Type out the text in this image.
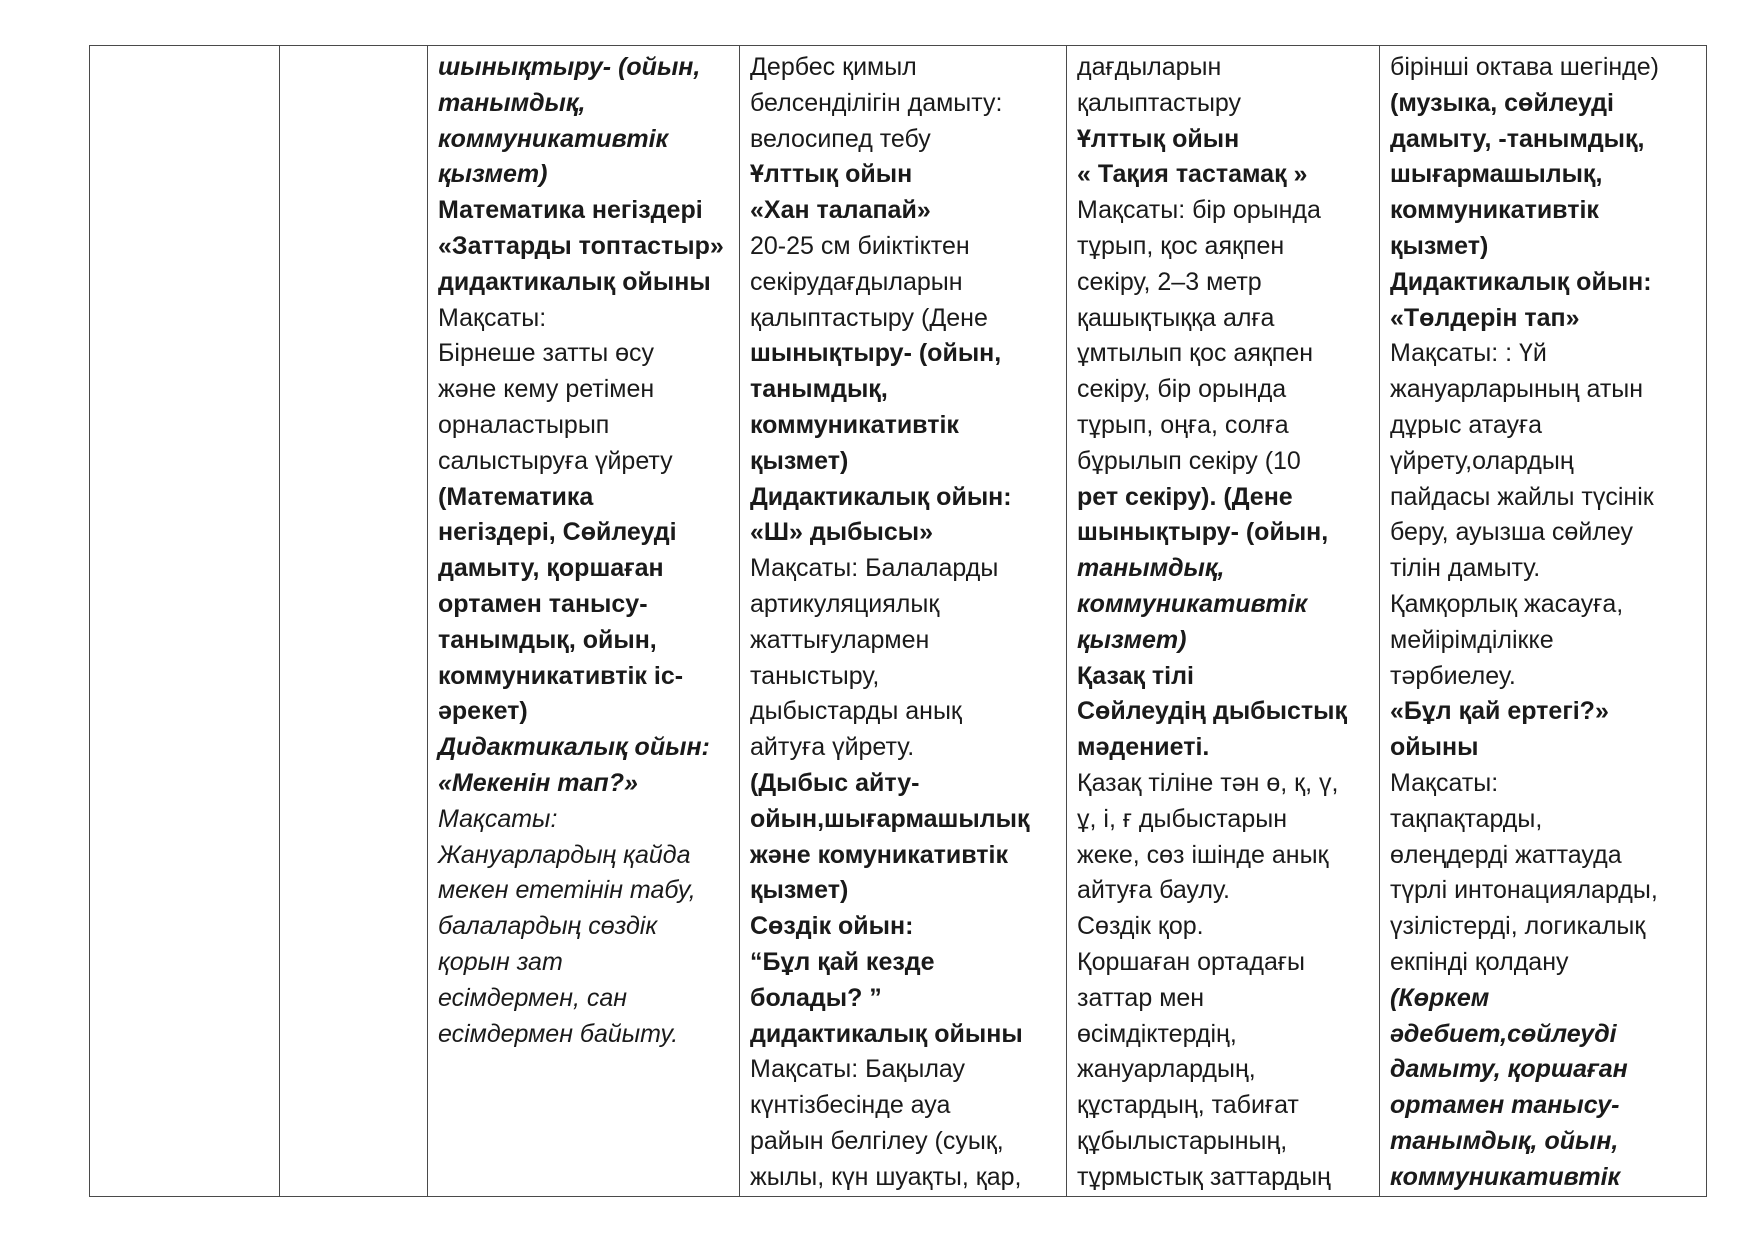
шынықтыру- (ойын,
танымдық,
коммуникативтік
қызмет)
Математика негіздері
«Заттарды топтастыр»
дидактикалық ойыны
Мақсаты:
Бірнеше затты өсу
және кему ретімен
орналастырып
салыстыруға үйрету
(Математика
негіздері, Сөйлеуді
дамыту, қоршаған
ортамен танысу-
танымдық, ойын,
коммуникативтік іс-
әрекет)
Дидактикалық ойын:
«Мекенін тап?»
Мақсаты:
Жануарлардың қайда
мекен ететінін табу,
балалардың сөздік
қорын зат
есімдермен, сан
есімдермен байыту.

Дербес қимыл
белсенділігін дамыту:
велосипед тебу
Ұлттық ойын
«Хан талапай»
20-25 см биіктіктен
секірудағдыларын
қалыптастыру (Дене
шынықтыру- (ойын,
танымдық,
коммуникативтік
қызмет)
Дидактикалық ойын:
«Ш» дыбысы»
Мақсаты: Балаларды
артикуляциялық
жаттығулармен
таныстыру,
дыбыстарды анық
айтуға үйрету.
(Дыбыс айту-
ойын,шығармашылық
және комуникативтік
қызмет)
Сөздік ойын:
“Бұл қай кезде
болады? ”
дидактикалық ойыны
Мақсаты: Бақылау
күнтізбесінде ауа
райын белгілеу (суық,
жылы, күн шуақты, қар,

дағдыларын
қалыптастыру
Ұлттық ойын
« Тақия тастамақ »
Мақсаты: бір орында
тұрып, қос аяқпен
секіру, 2–3 метр
қашықтыққа алға
ұмтылып қос аяқпен
секіру, бір орында
тұрып, оңға, солға
бұрылып секіру (10
рет секіру). (Дене
шынықтыру- (ойын,
танымдық,
коммуникативтік
қызмет)
Қазақ тілі
Сөйлеудің дыбыстық
мәдениеті.
Қазақ тіліне тән ө, қ, ү,
ұ, і, ғ дыбыстарын
жеке, сөз ішінде анық
айтуға баулу.
Сөздік қор.
Қоршаған ортадағы
заттар мен
өсімдіктердің,
жануарлардың,
құстардың, табиғат
құбылыстарының,
тұрмыстық заттардың

бірінші октава шегінде)
(музыка, сөйлеуді
дамыту, -танымдық,
шығармашылық,
коммуникативтік
қызмет)
Дидактикалық ойын:
«Төлдерін тап»
Мақсаты: : Үй
жануарларының атын
дұрыс атауға
үйрету,олардың
пайдасы жайлы түсінік
беру, ауызша сөйлеу
тілін дамыту.
Қамқорлық жасауға,
мейірімділікке
тәрбиелеу.
«Бұл қай ертегі?»
ойыны
Мақсаты:
тақпақтарды,
өлеңдерді жаттауда
түрлі интонацияларды,
үзілістерді, логикалық
екпінді қолдану
(Көркем
әдебиет,сөйлеуді
дамыту, қоршаған
ортамен танысу-
танымдық, ойын,
коммуникативтік
